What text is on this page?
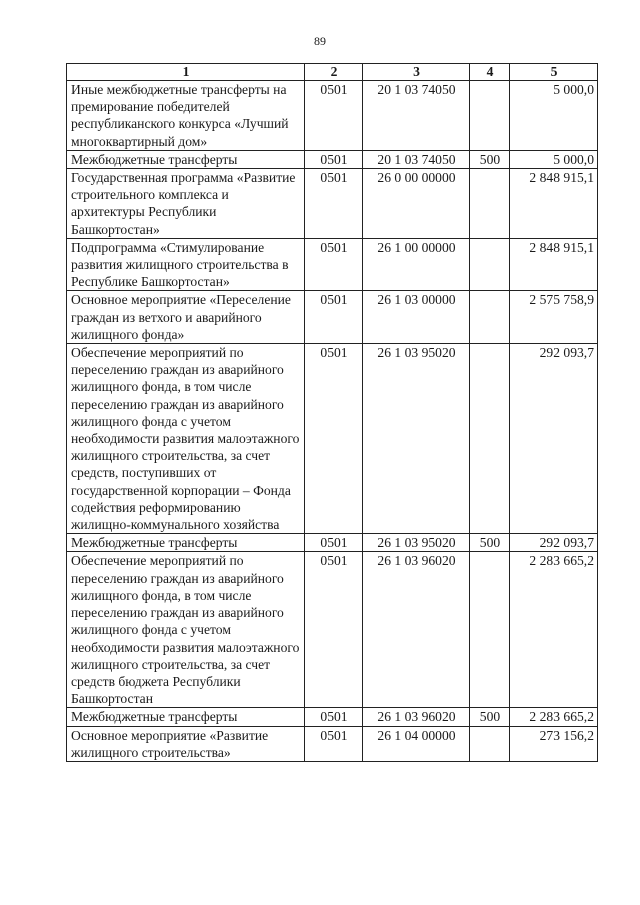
89
1	2	3	4	5
Иные межбюджетные трансферты на премирование победителей республиканского конкурса «Лучший многоквартирный дом»	0501	20 1 03 74050		5 000,0
Межбюджетные трансферты	0501	20 1 03 74050	500	5 000,0
Государственная программа «Развитие строительного комплекса и архитектуры Республики Башкортостан»	0501	26 0 00 00000		2 848 915,1
Подпрограмма «Стимулирование развития жилищного строительства в Республике Башкортостан»	0501	26 1 00 00000		2 848 915,1
Основное мероприятие «Переселение граждан из ветхого и аварийного жилищного фонда»	0501	26 1 03 00000		2 575 758,9
Обеспечение мероприятий по переселению граждан из аварийного жилищного фонда, в том числе переселению граждан из аварийного жилищного фонда с учетом необходимости развития малоэтажного жилищного строительства, за счет средств, поступивших от государственной корпорации – Фонда содействия реформированию жилищно-коммунального хозяйства	0501	26 1 03 95020		292 093,7
Межбюджетные трансферты	0501	26 1 03 95020	500	292 093,7
Обеспечение мероприятий по переселению граждан из аварийного жилищного фонда, в том числе переселению граждан из аварийного жилищного фонда с учетом необходимости развития малоэтажного жилищного строительства, за счет средств бюджета Республики Башкортостан	0501	26 1 03 96020		2 283 665,2
Межбюджетные трансферты	0501	26 1 03 96020	500	2 283 665,2
Основное мероприятие «Развитие жилищного строительства»	0501	26 1 04 00000		273 156,2
